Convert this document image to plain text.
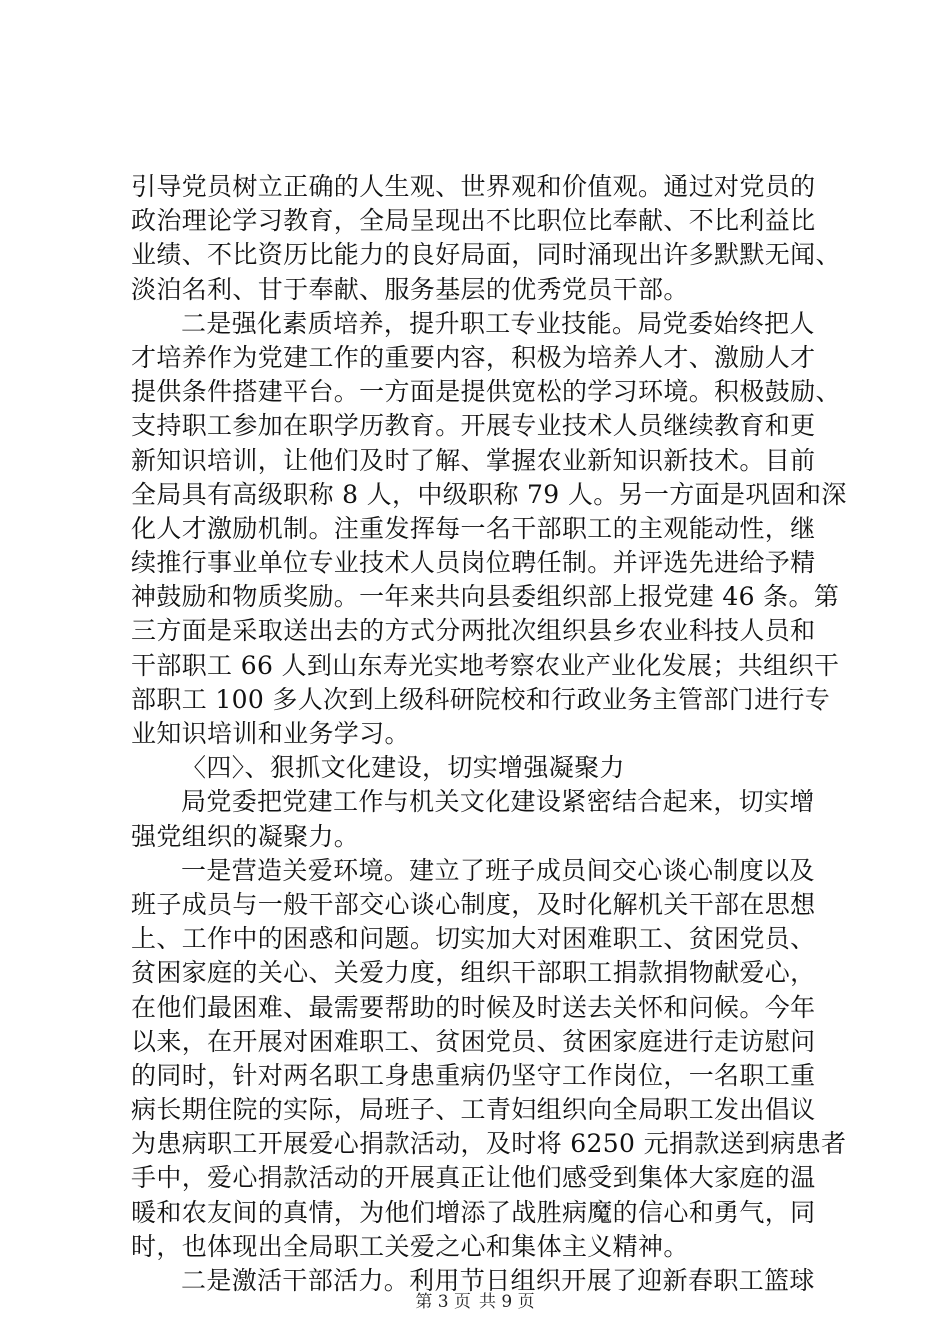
引导党员树立正确的人生观、世界观和价值观。通过对党员的
政治理论学习教育，全局呈现出不比职位比奉献、不比利益比
业绩、不比资历比能力的良好局面，同时涌现出许多默默无闻、
淡泊名利、甘于奉献、服务基层的优秀党员干部。
二是强化素质培养，提升职工专业技能。局党委始终把人
才培养作为党建工作的重要内容，积极为培养人才、激励人才
提供条件搭建平台。一方面是提供宽松的学习环境。积极鼓励、
支持职工参加在职学历教育。开展专业技术人员继续教育和更
新知识培训，让他们及时了解、掌握农业新知识新技术。目前
全局具有高级职称 8 人，中级职称 79 人。另一方面是巩固和深
化人才激励机制。注重发挥每一名干部职工的主观能动性，继
续推行事业单位专业技术人员岗位聘任制。并评选先进给予精
神鼓励和物质奖励。一年来共向县委组织部上报党建 46 条。第
三方面是采取送出去的方式分两批次组织县乡农业科技人员和
干部职工 66 人到山东寿光实地考察农业产业化发展；共组织干
部职工 100 多人次到上级科研院校和行政业务主管部门进行专
业知识培训和业务学习。
〈四〉、狠抓文化建设，切实增强凝聚力
局党委把党建工作与机关文化建设紧密结合起来，切实增
强党组织的凝聚力。
一是营造关爱环境。建立了班子成员间交心谈心制度以及
班子成员与一般干部交心谈心制度，及时化解机关干部在思想
上、工作中的困惑和问题。切实加大对困难职工、贫困党员、
贫困家庭的关心、关爱力度，组织干部职工捐款捐物献爱心，
在他们最困难、最需要帮助的时候及时送去关怀和问候。今年
以来，在开展对困难职工、贫困党员、贫困家庭进行走访慰问
的同时，针对两名职工身患重病仍坚守工作岗位，一名职工重
病长期住院的实际，局班子、工青妇组织向全局职工发出倡议
为患病职工开展爱心捐款活动，及时将 6250 元捐款送到病患者
手中，爱心捐款活动的开展真正让他们感受到集体大家庭的温
暖和农友间的真情，为他们增添了战胜病魔的信心和勇气，同
时，也体现出全局职工关爱之心和集体主义精神。
二是激活干部活力。利用节日组织开展了迎新春职工篮球
第 3 页 共 9 页
